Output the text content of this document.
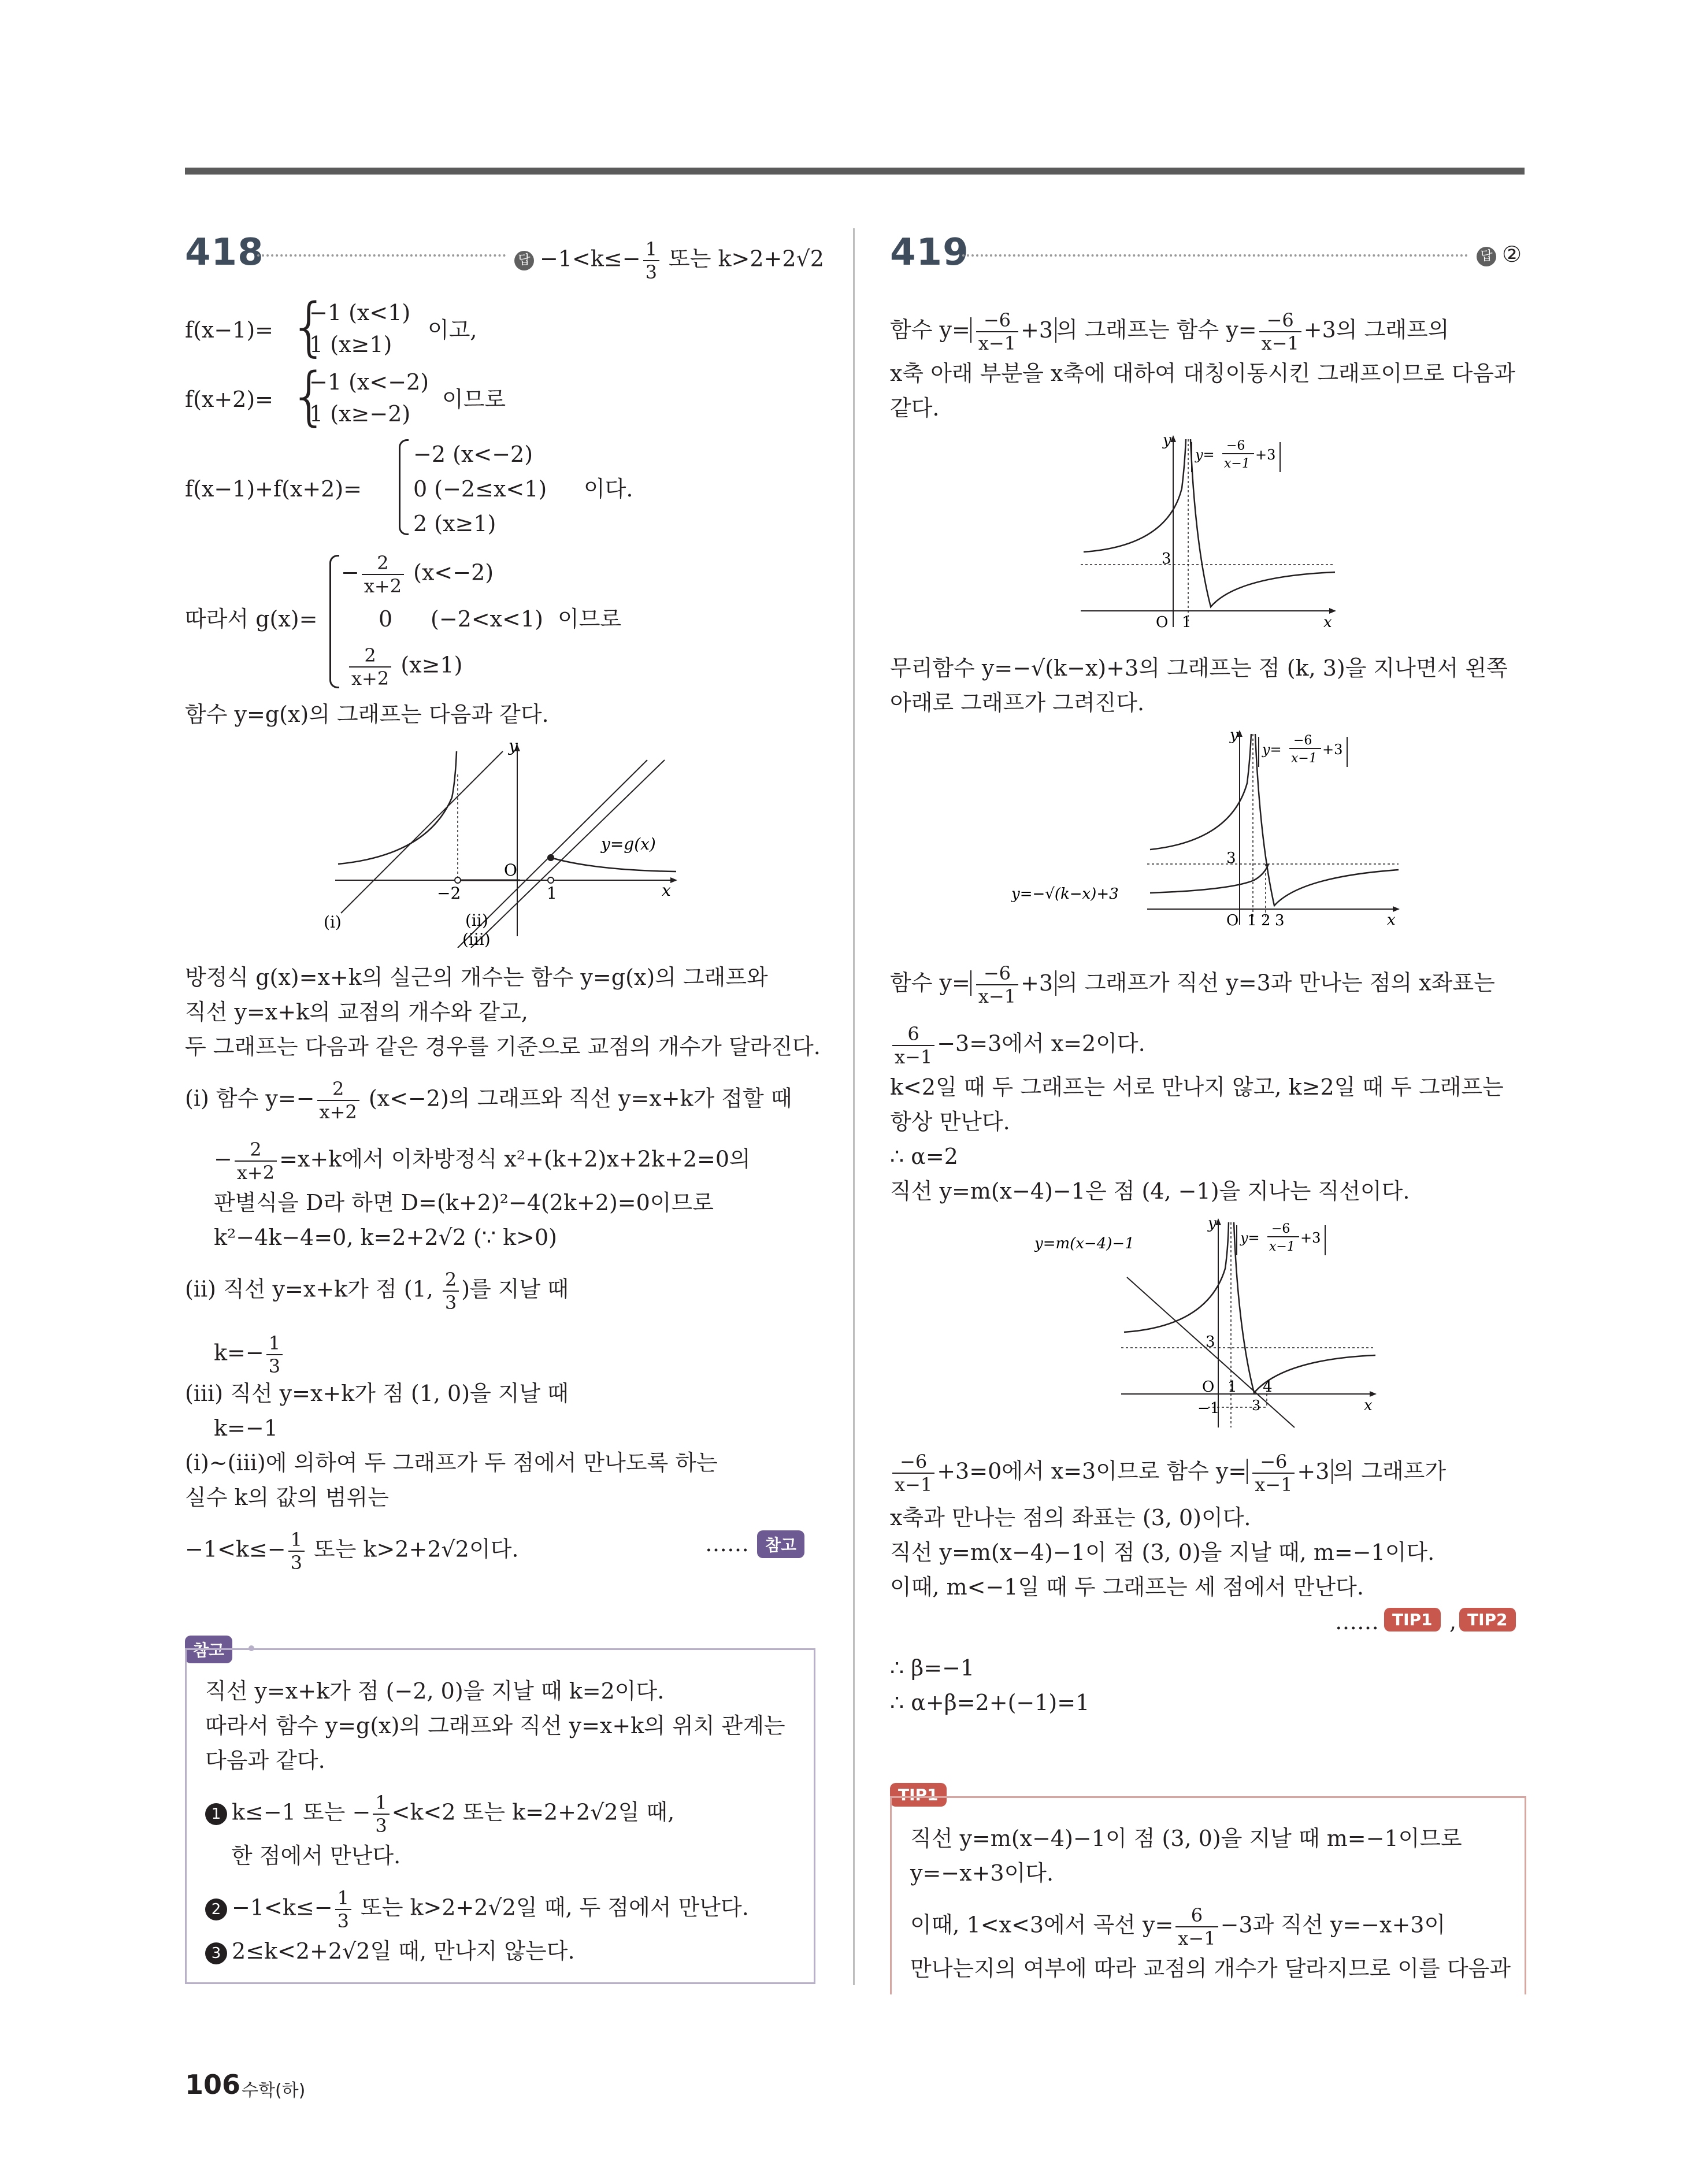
418	답 $-1<k\le- \frac{1}{3}$ 또는 k>2+2√2
f(x−1)= {
−1 (x<1)
1 (x≥1)
이고,
f(x+2)= {
−1 (x<−2)
1 (x≥−2)
이므로
f(x−1)+f(x+2)=
−2 (x<−2)
0 (−2≤x<1)
2 (x≥1)
이다.
따라서 g(x)=
− $\frac{2}{x+2} (x<-2)$
0 (−2<x<1)
$\frac{2}{x+2} (x\ge 1)$
이므로
함수 y=g(x)의 그래프는 다음과 같다.
y
x
O
−2	1
y=g(x)
(i)	(ii)
(iii)
방정식 g(x)=x+k의 실근의 개수는 함수 y=g(x)의 그래프와
직선 y=x+k의 교점의 개수와 같고,
두 그래프는 다음과 같은 경우를 기준으로 교점의 개수가 달라진다.
(i) 함수 $y=- \frac{2}{x+2} (x<-2)$의 그래프와 직선 y=x+k가 접할 때
− $\frac{2}{x+2} =x+k$에서 이차방정식 x²+(k+2)x+2k+2=0의
판별식을 D라 하면 D=(k+2)²−4(2k+2)=0이므로
k²−4k−4=0, k=2+2√2 (∵ k>0)
(ii) 직선 y=x+k가 점 (1, $\frac{2}{3}$ )를 지날 때
$k=- \frac{1}{3}$
(iii) 직선 y=x+k가 점 (1, 0)을 지날 때
k=−1
(i)~(iii)에 의하여 두 그래프가 두 점에서 만나도록 하는
실수 k의 값의 범위는
$-1<k\le- \frac{1}{3}$ 또는 k>2+2√2이다.	……	참고
참고
직선 y=x+k가 점 (−2, 0)을 지날 때 k=2이다.
따라서 함수 y=g(x)의 그래프와 직선 y=x+k의 위치 관계는
다음과 같다.
1 k≤−1 또는 − $\frac{1}{3} <k<2$ 또는 k=2+2√2일 때,
한 점에서 만난다.
$2 -1<k\le- \frac{1}{3}$ 또는 k>2+2√2일 때, 두 점에서 만난다.
3 2≤k<2+2√2일 때, 만나지 않는다.
419	답 ②
함수 $y= \frac{-6}{x-1} +3$ 의 그래프는 함수 $y= \frac{-6}{x-1} +3$의 그래프의
x축 아래 부분을 x축에 대하여 대칭이동시킨 그래프이므로 다음과
같다.
y
x
O 1
3
y=
−6
x−1
+3
무리함수 y=−√(k−x)+3의 그래프는 점 (k, 3)을 지나면서 왼쪽
아래로 그래프가 그려진다.
y
x
O 1 2 3
3
y=−√(k−x)+3
y=
−6
x−1
+3
함수 $y= \frac{-6}{x-1} +3$ 의 그래프가 직선 y=3과 만나는 점의 x좌표는
$\frac{6}{x-1} -3=3$에서 x=2이다.
k<2일 때 두 그래프는 서로 만나지 않고, k≥2일 때 두 그래프는
항상 만난다.
∴ α=2
직선 y=m(x−4)−1은 점 (4, −1)을 지나는 직선이다.
y
x
O 1 4
3
−1 3
y=m(x−4)−1	y=
−6
x−1
+3
$\frac{-6}{x-1} +3=0$에서 x=3이므로 함수 $y= \frac{-6}{x-1} +3$ 의 그래프가
x축과 만나는 점의 좌표는 (3, 0)이다.
직선 y=m(x−4)−1이 점 (3, 0)을 지날 때, m=−1이다.
이때, m<−1일 때 두 그래프는 세 점에서 만난다.
…… TIP1 , TIP2
∴ β=−1
∴ α+β=2+(−1)=1
TIP1
직선 y=m(x−4)−1이 점 (3, 0)을 지날 때 m=−1이므로
y=−x+3이다.
이때, 1<x<3에서 곡선 $y= \frac{6}{x-1} -3$과 직선 y=−x+3이
만나는지의 여부에 따라 교점의 개수가 달라지므로 이를 다음과
106 수학(하)
